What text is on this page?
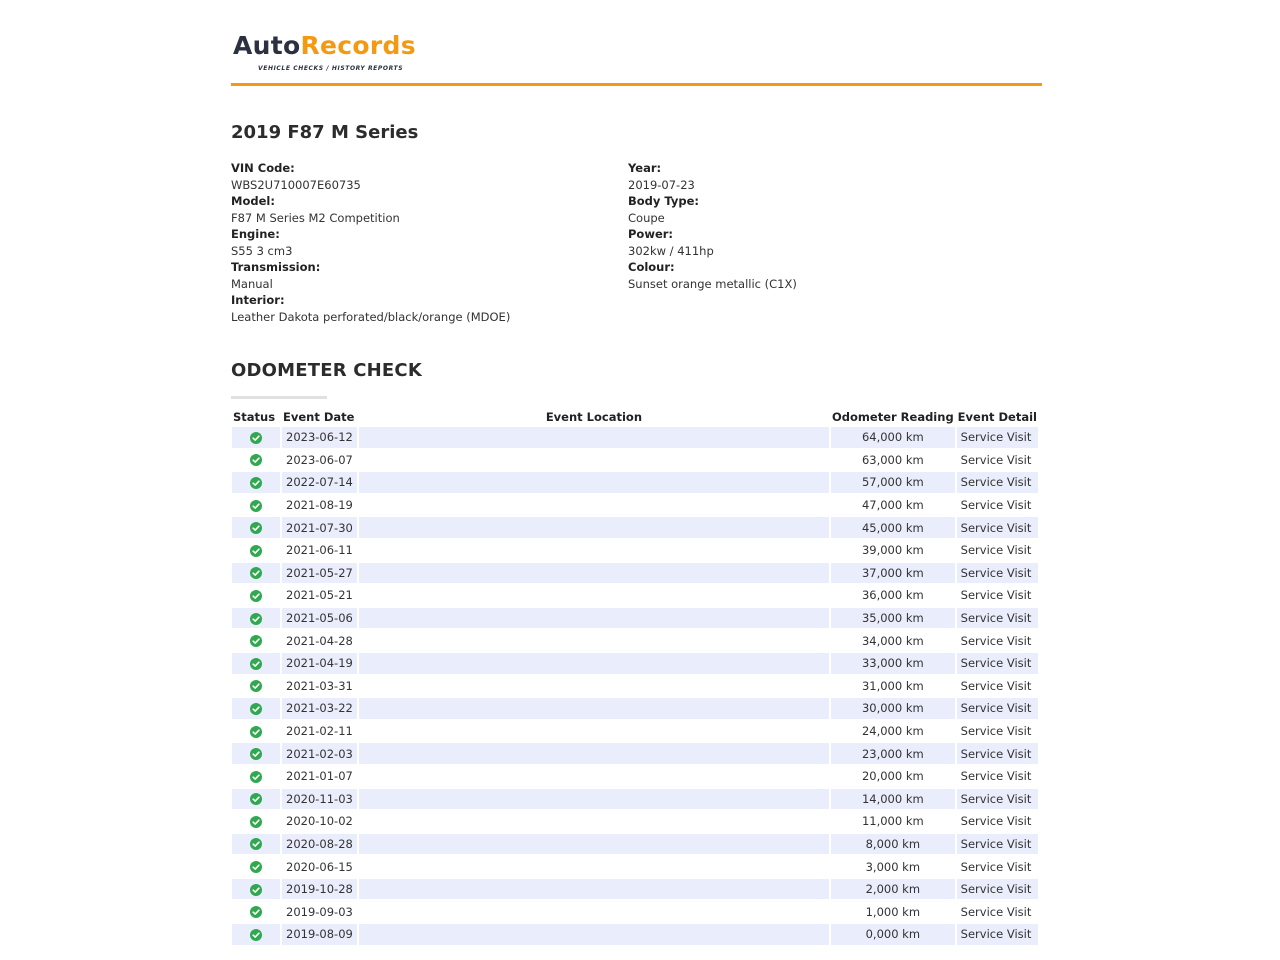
AutoRecords
VEHICLE CHECKS / HISTORY REPORTS
2019 F87 M Series
VIN Code:
WBS2U710007E60735
Model:
F87 M Series M2 Competition
Engine:
S55 3 cm3
Transmission:
Manual
Interior:
Leather Dakota perforated/black/orange (MDOE)
Year:
2019-07-23
Body Type:
Coupe
Power:
302kw / 411hp
Colour:
Sunset orange metallic (C1X)
ODOMETER CHECK
Status	Event Date	Event Location	Odometer Reading	Event Detail
	2023-06-12		64,000 km	Service Visit
	2023-06-07		63,000 km	Service Visit
	2022-07-14		57,000 km	Service Visit
	2021-08-19		47,000 km	Service Visit
	2021-07-30		45,000 km	Service Visit
	2021-06-11		39,000 km	Service Visit
	2021-05-27		37,000 km	Service Visit
	2021-05-21		36,000 km	Service Visit
	2021-05-06		35,000 km	Service Visit
	2021-04-28		34,000 km	Service Visit
	2021-04-19		33,000 km	Service Visit
	2021-03-31		31,000 km	Service Visit
	2021-03-22		30,000 km	Service Visit
	2021-02-11		24,000 km	Service Visit
	2021-02-03		23,000 km	Service Visit
	2021-01-07		20,000 km	Service Visit
	2020-11-03		14,000 km	Service Visit
	2020-10-02		11,000 km	Service Visit
	2020-08-28		8,000 km	Service Visit
	2020-06-15		3,000 km	Service Visit
	2019-10-28		2,000 km	Service Visit
	2019-09-03		1,000 km	Service Visit
	2019-08-09		0,000 km	Service Visit
